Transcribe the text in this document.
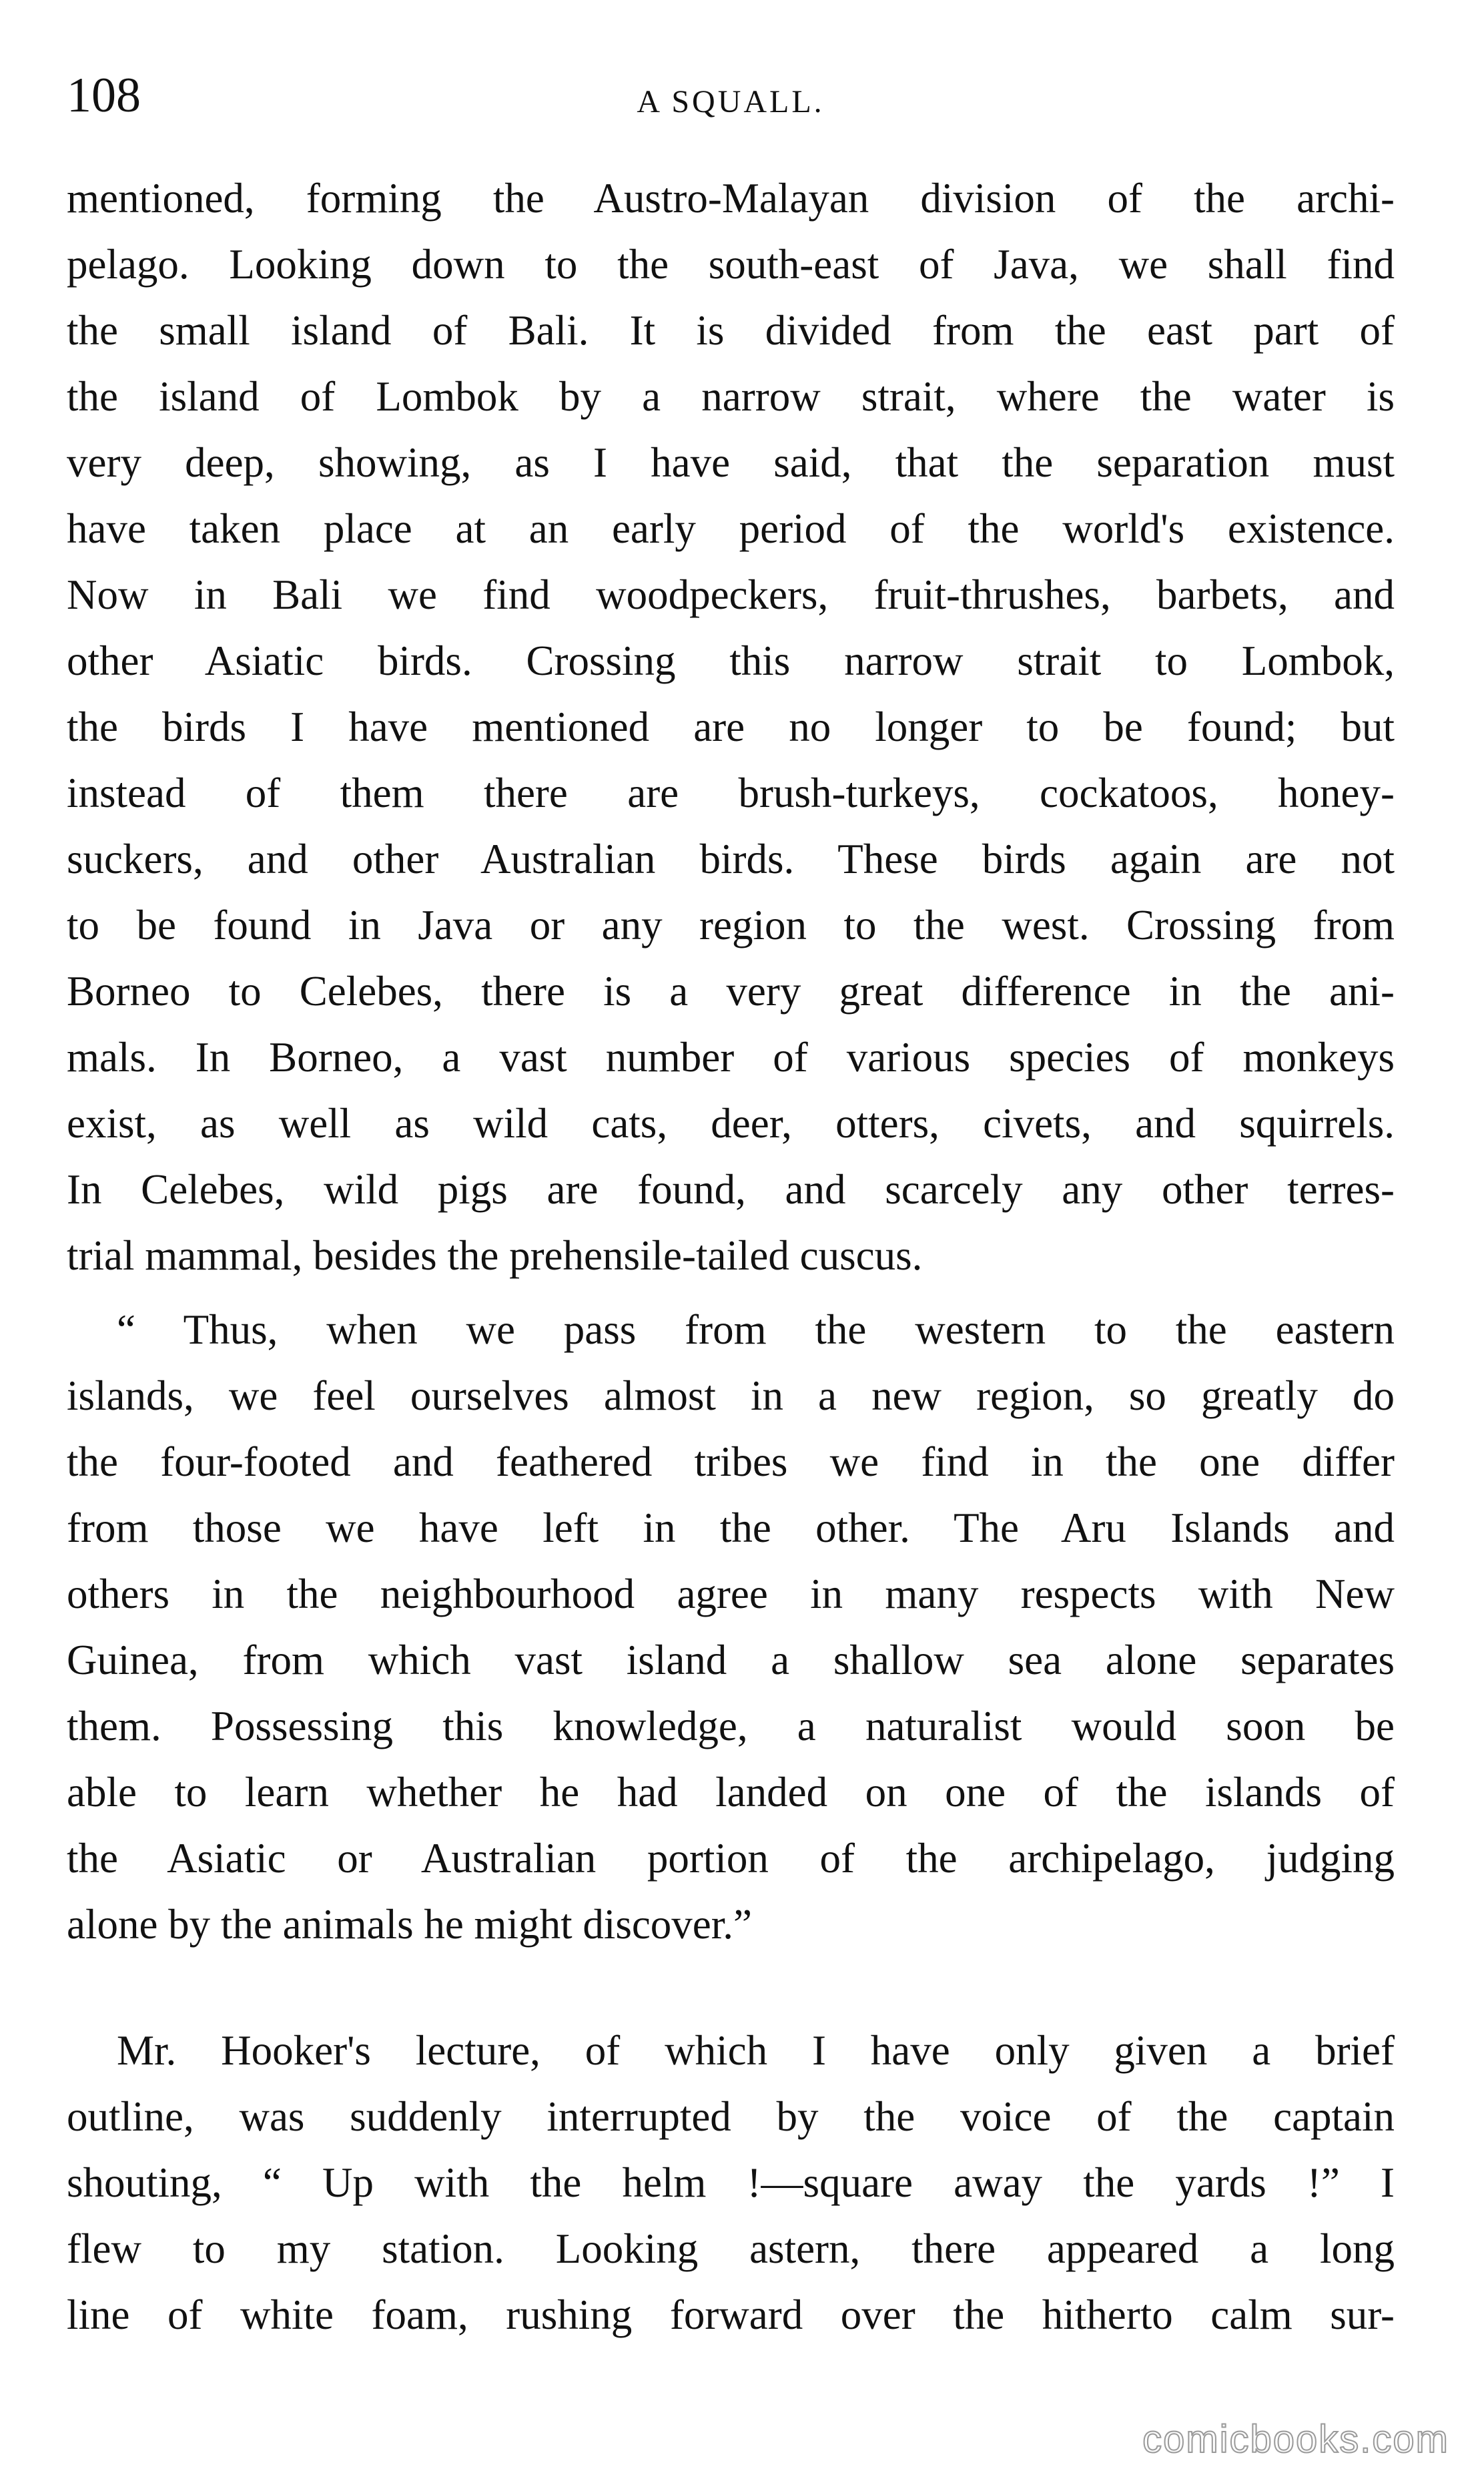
108	A SQUALL.
mentioned, forming the Austro-Malayan division of the archi-
pelago. Looking down to the south-east of Java, we shall find
the small island of Bali. It is divided from the east part of
the island of Lombok by a narrow strait, where the water is
very deep, showing, as I have said, that the separation must
have taken place at an early period of the world's existence.
Now in Bali we find woodpeckers, fruit-thrushes, barbets, and
other Asiatic birds. Crossing this narrow strait to Lombok,
the birds I have mentioned are no longer to be found; but
instead of them there are brush-turkeys, cockatoos, honey-
suckers, and other Australian birds. These birds again are not
to be found in Java or any region to the west. Crossing from
Borneo to Celebes, there is a very great difference in the ani-
mals. In Borneo, a vast number of various species of monkeys
exist, as well as wild cats, deer, otters, civets, and squirrels.
In Celebes, wild pigs are found, and scarcely any other terres-
trial mammal, besides the prehensile-tailed cuscus.
“ Thus, when we pass from the western to the eastern
islands, we feel ourselves almost in a new region, so greatly do
the four-footed and feathered tribes we find in the one differ
from those we have left in the other. The Aru Islands and
others in the neighbourhood agree in many respects with New
Guinea, from which vast island a shallow sea alone separates
them. Possessing this knowledge, a naturalist would soon be
able to learn whether he had landed on one of the islands of
the Asiatic or Australian portion of the archipelago, judging
alone by the animals he might discover.”
Mr. Hooker's lecture, of which I have only given a brief
outline, was suddenly interrupted by the voice of the captain
shouting, “ Up with the helm !—square away the yards !” I
flew to my station. Looking astern, there appeared a long
line of white foam, rushing forward over the hitherto calm sur-
comicbooks.com
